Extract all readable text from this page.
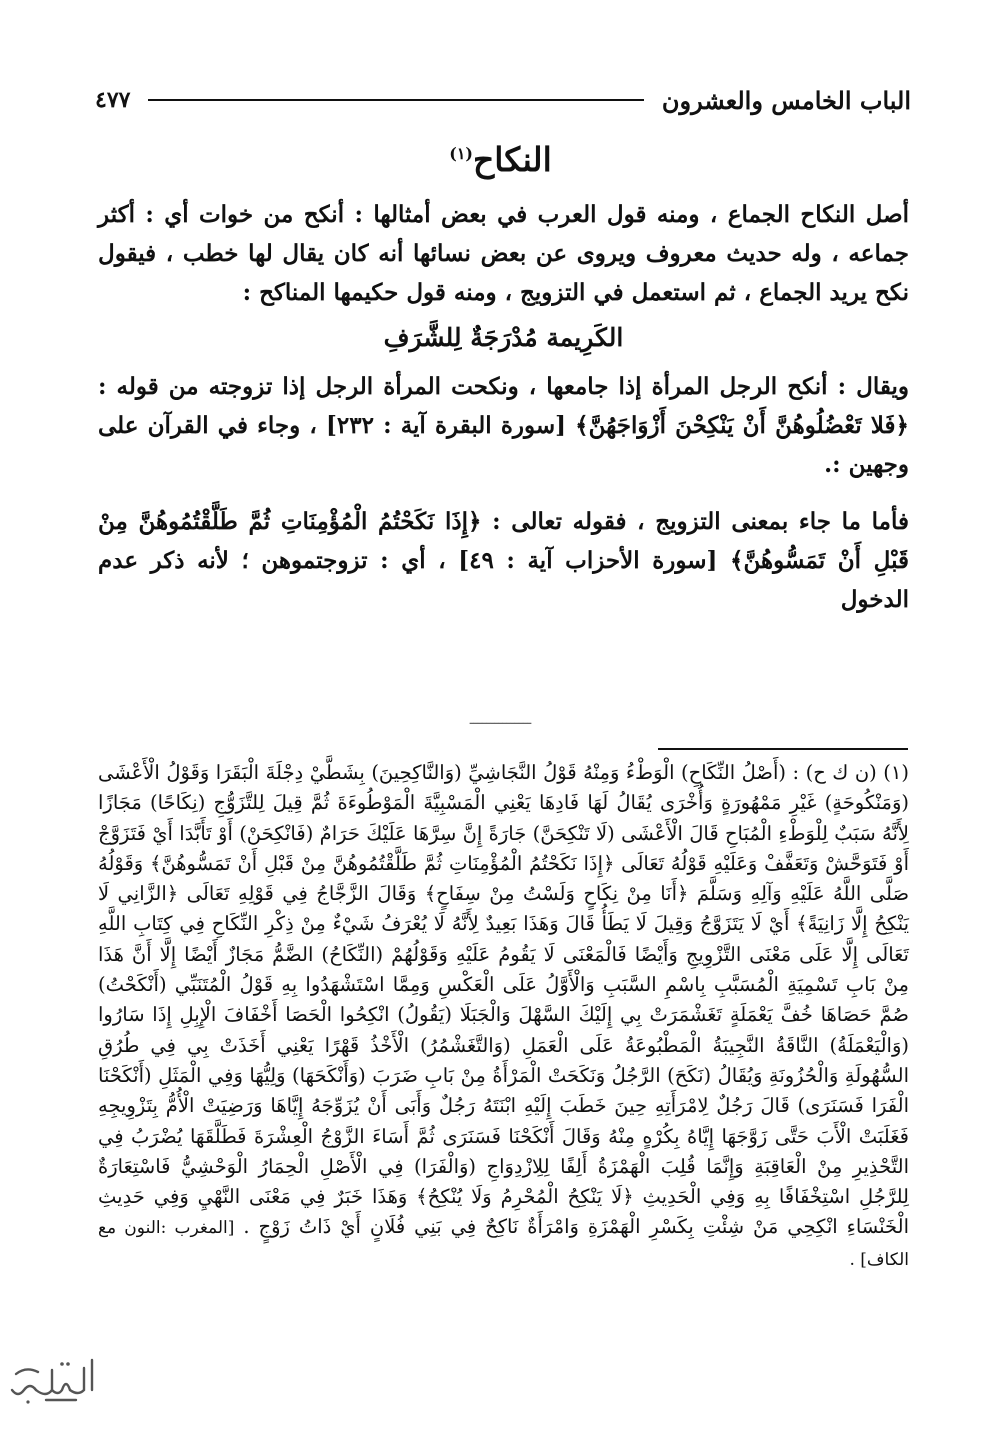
الباب الخامس والعشرون
٤٧٧
النكاح$^{(١)}$

أصل النكاح الجماع ، ومنه قول العرب في بعض أمثالها : أنكح من خوات أي : أكثر جماعه ، وله حديث معروف ويروى عن بعض نسائها أنه كان يقال لها خطب ، فيقول نكح يريد الجماع ، ثم استعمل في التزويج ، ومنه قول حكيمها المناكح :

الكَرِيمة مُدْرَجَةٌ لِلشَّرَفِ

ويقال : أنكح الرجل المرأة إذا جامعها ، ونكحت المرأة الرجل إذا تزوجته من قوله : ﴿فَلا تَعْضُلُوهُنَّ أَنْ يَنْكِحْنَ أَزْوَاجَهُنَّ﴾ [سورة البقرة آية : ٢٣٢] ، وجاء في القرآن على وجهين :.

فأما ما جاء بمعنى التزويج ، فقوله تعالى : ﴿إِذَا نَكَحْتُمُ الْمُؤْمِنَاتِ ثُمَّ طَلَّقْتُمُوهُنَّ مِنْ قَبْلِ أَنْ تَمَسُّوهُنَّ﴾ [سورة الأحزاب آية : ٤٩] ، أي : تزوجتموهن ؛ لأنه ذكر عدم الدخول

ـــــــــــــــ

(١) (ن ك ح) : (أَصْلُ النِّكَاحِ) الْوَطْءُ وَمِنْهُ قَوْلُ النَّجَاشِيِّ (وَالنَّاكِحِينَ) بِشَطَّيْ دِجْلَةَ الْبَقَرَا وَقَوْلُ الْأَعْشَى (وَمَنْكُوحَةٍ) غَيْرِ مَمْهُورَةٍ وَأُخْرَى يُقَالُ لَهَا فَادِهَا يَعْنِي الْمَسْبِيَّةَ الْمَوْطُوءَةَ ثُمَّ قِيلَ لِلتَّزَوُّجِ (نِكَاحًا) مَجَازًا لِأَنَّهُ سَبَبٌ لِلْوَطْءِ الْمُبَاحِ قَالَ الْأَعْشَى (لَا تَنْكِحَنَّ) جَارَةً إِنَّ سِرَّهَا عَلَيْكَ حَرَامٌ (فَانْكِحَنْ) أَوْ تَأَبَّدَا أَيْ فَتَزَوَّجْ أَوْ فَتَوَحَّشْ وَتَعَفَّفْ وَعَلَيْهِ قَوْلُهُ تَعَالَى ﴿إِذَا نَكَحْتُمُ الْمُؤْمِنَاتِ ثُمَّ طَلَّقْتُمُوهُنَّ مِنْ قَبْلِ أَنْ تَمَسُّوهُنَّ﴾ وَقَوْلُهُ صَلَّى اللَّهُ عَلَيْهِ وَآلِهِ وَسَلَّمَ ﴿أَنَا مِنْ نِكَاحٍ وَلَسْتُ مِنْ سِفَاحٍ﴾ وَقَالَ الزَّجَّاجُ فِي قَوْلِهِ تَعَالَى ﴿الزَّانِي لَا يَنْكِحُ إِلَّا زَانِيَةً﴾ أَيْ لَا يَتَزَوَّجُ وَقِيلَ لَا يَطَأُ قَالَ وَهَذَا بَعِيدٌ لِأَنَّهُ لَا يُعْرَفُ شَيْءٌ مِنْ ذِكْرِ النِّكَاحِ فِي كِتَابِ اللَّهِ تَعَالَى إِلَّا عَلَى مَعْنَى التَّزْوِيجِ وَأَيْضًا فَالْمَعْنَى لَا يَقُومُ عَلَيْهِ وَقَوْلُهُمْ (النِّكَاحُ) الضَّمُّ مَجَازٌ أَيْضًا إِلَّا أَنَّ هَذَا مِنْ بَابِ تَسْمِيَةِ الْمُسَبَّبِ بِاسْمِ السَّبَبِ وَالْأَوَّلُ عَلَى الْعَكْسِ وَمِمَّا اسْتَشْهَدُوا بِهِ قَوْلُ الْمُتَنَبِّي (أَنْكَحْتُ) صُمَّ حَصَاهَا خُفَّ يَعْمَلَةٍ تَغَشْمَرَتْ بِي إِلَيْكَ السَّهْلَ وَالْجَبَلَا (يَقُولُ) انْكِحُوا الْحَصَا أَخْفَافَ الْإِبِلِ إِذَا سَارُوا (وَالْيَعْمَلَةُ) النَّاقَةُ النَّجِيبَةُ الْمَطْبُوعَةُ عَلَى الْعَمَلِ (وَالتَّغَشْمُرُ) الْأَخْذُ قَهْرًا يَعْنِي أَخَذَتْ بِي فِي طُرُقِ السُّهُولَةِ وَالْحُزُونَةِ وَيُقَالُ (نَكَحَ) الرَّجُلُ وَنَكَحَتْ الْمَرْأَةُ مِنْ بَابِ ضَرَبَ (وَأَنْكَحَهَا) وَلِيُّهَا وَفِي الْمَثَلِ (أَنْكَحْنَا الْفَرَا فَسَنَرَى) قَالَ رَجُلٌ لِامْرَأَتِهِ حِينَ خَطَبَ إِلَيْهِ ابْنَتَهُ رَجُلٌ وَأَبَى أَنْ يُزَوِّجَهُ إِيَّاهَا وَرَضِيَتْ الْأُمُّ بِتَزْوِيجِهِ فَغَلَبَتْ الْأَبَ حَتَّى زَوَّجَهَا إِيَّاهُ بِكُرْهٍ مِنْهُ وَقَالَ أَنْكَحْنَا فَسَنَرَى ثُمَّ أَسَاءَ الزَّوْجُ الْعِشْرَةَ فَطَلَّقَهَا يُضْرَبُ فِي التَّحْذِيرِ مِنْ الْعَاقِبَةِ وَإِنَّمَا قُلِبَ الْهَمْزَةُ أَلِفًا لِلِازْدِوَاجِ (وَالْفَرَا) فِي الْأَصْلِ الْحِمَارُ الْوَحْشِيُّ فَاسْتِعَارَةٌ لِلرَّجُلِ اسْتِخْفَافًا بِهِ وَفِي الْحَدِيثِ ﴿لَا يَنْكِحُ الْمُحْرِمُ وَلَا يُنْكِحُ﴾ وَهَذَا خَبَرٌ فِي مَعْنَى النَّهْيِ وَفِي حَدِيثِ الْخَنْسَاءِ انْكِحِي مَنْ شِئْتِ بِكَسْرِ الْهَمْزَةِ وَامْرَأَةٌ نَاكِحٌ فِي بَنِي فُلَانٍ أَيْ ذَاتُ زَوْجٍ . [المغرب :النون مع الكاف] .
